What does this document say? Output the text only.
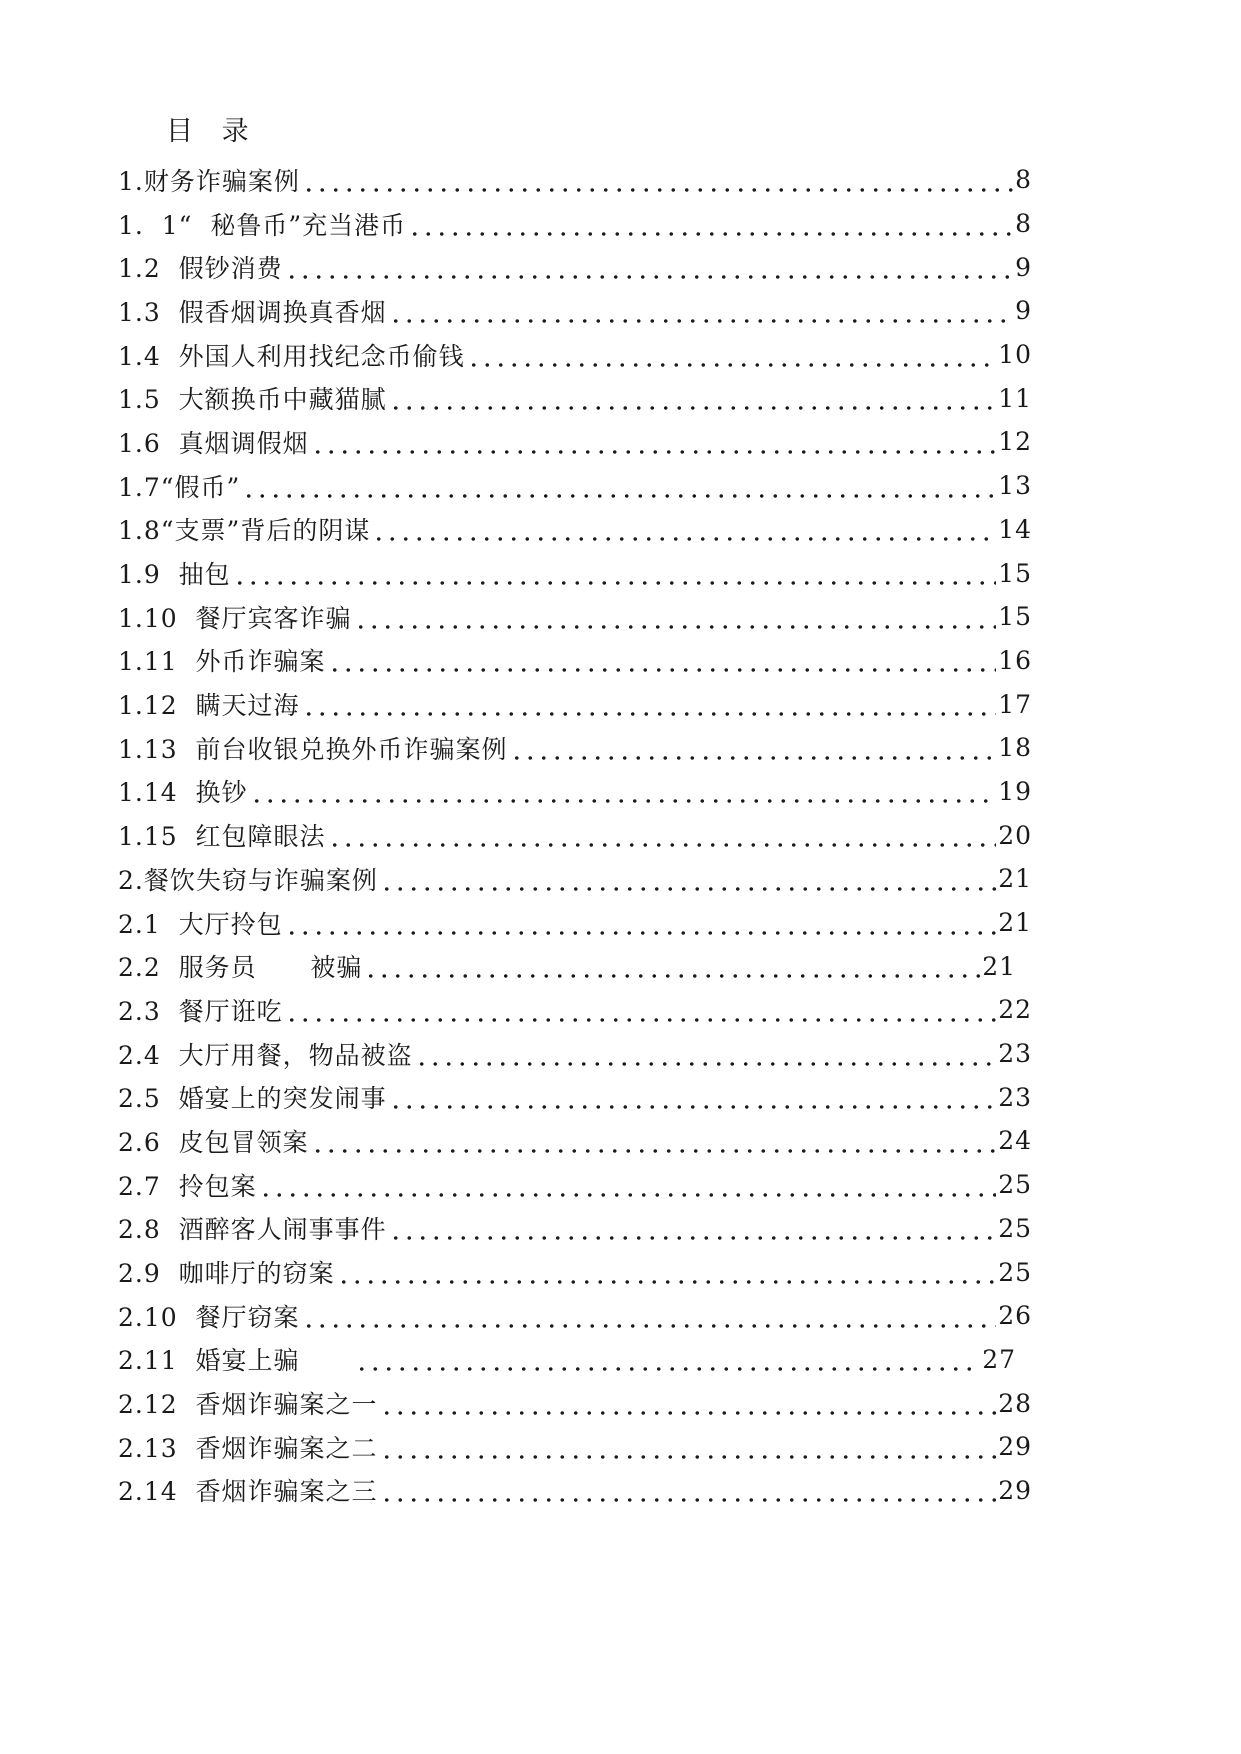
目 录
1.财务诈骗案例	8
1.  1“  秘鲁币”充当港币	8
1.2  假钞消费	9
1.3  假香烟调换真香烟	9
1.4  外国人利用找纪念币偷钱	10
1.5  大额换币中藏猫腻	11
1.6  真烟调假烟	12
1.7“假币”	13
1.8“支票”背后的阴谋	14
1.9  抽包	15
1.10  餐厅宾客诈骗	15
1.11  外币诈骗案	16
1.12  瞒天过海	17
1.13  前台收银兑换外币诈骗案例	18
1.14  换钞	19
1.15  红包障眼法	20
2.餐饮失窃与诈骗案例	21
2.1  大厅拎包	21
2.2  服务员      被骗	21
2.3  餐厅诳吃	22
2.4  大厅用餐，物品被盗	23
2.5  婚宴上的突发闹事	23
2.6  皮包冒领案	24
2.7  拎包案	25
2.8  酒醉客人闹事事件	25
2.9  咖啡厅的窃案	25
2.10  餐厅窃案	26
2.11  婚宴上骗	27
2.12  香烟诈骗案之一	28
2.13  香烟诈骗案之二	29
2.14  香烟诈骗案之三	29
